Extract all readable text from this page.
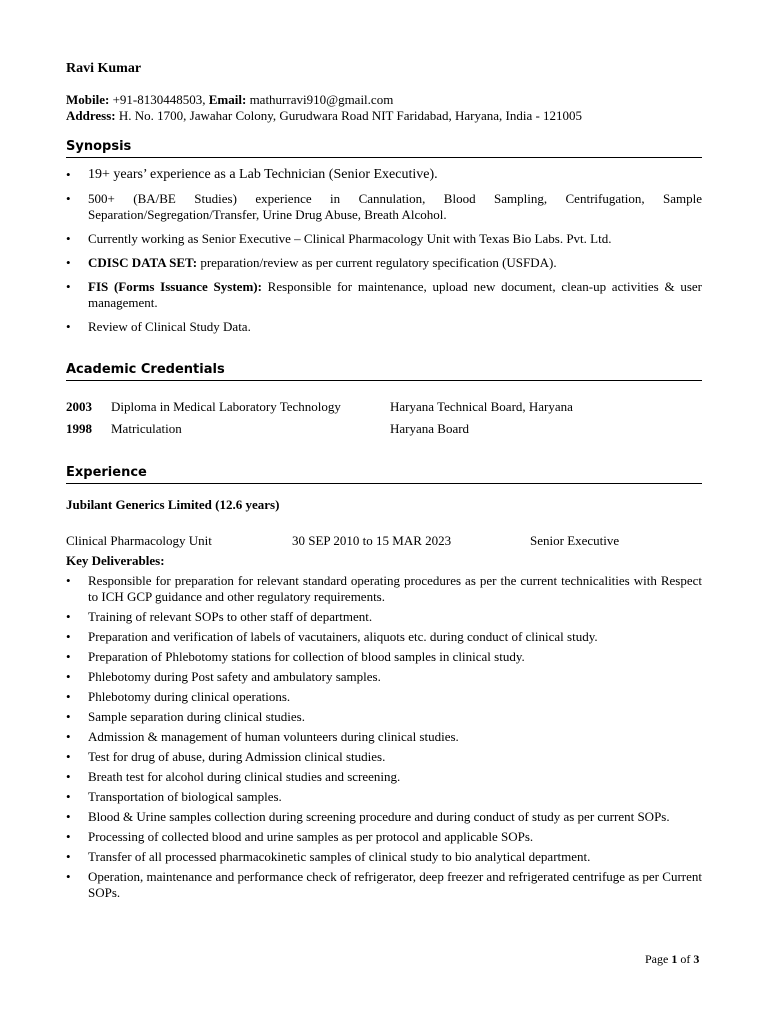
Ravi Kumar
Mobile: +91-8130448503, Email: mathurravi910@gmail.com
Address: H. No. 1700, Jawahar Colony, Gurudwara Road NIT Faridabad, Haryana, India - 121005
Synopsis
• 19+ years’ experience as a Lab Technician (Senior Executive).
• 500+ (BA/BE Studies) experience in Cannulation, Blood Sampling, Centrifugation, Sample Separation/Segregation/Transfer, Urine Drug Abuse, Breath Alcohol.
• Currently working as Senior Executive – Clinical Pharmacology Unit with Texas Bio Labs. Pvt. Ltd.
• CDISC DATA SET: preparation/review as per current regulatory specification (USFDA).
• FIS (Forms Issuance System): Responsible for maintenance, upload new document, clean-up activities & user management.
• Review of Clinical Study Data.
Academic Credentials
2003 Diploma in Medical Laboratory Technology	Haryana Technical Board, Haryana
1998 Matriculation	Haryana Board
Experience
Jubilant Generics Limited (12.6 years)
Clinical Pharmacology Unit	30 SEP 2010 to 15 MAR 2023	Senior Executive
Key Deliverables:
• Responsible for preparation for relevant standard operating procedures as per the current technicalities with Respect to ICH GCP guidance and other regulatory requirements.
• Training of relevant SOPs to other staff of department.
• Preparation and verification of labels of vacutainers, aliquots etc. during conduct of clinical study.
• Preparation of Phlebotomy stations for collection of blood samples in clinical study.
• Phlebotomy during Post safety and ambulatory samples.
• Phlebotomy during clinical operations.
• Sample separation during clinical studies.
• Admission & management of human volunteers during clinical studies.
• Test for drug of abuse, during Admission clinical studies.
• Breath test for alcohol during clinical studies and screening.
• Transportation of biological samples.
• Blood & Urine samples collection during screening procedure and during conduct of study as per current SOPs.
• Processing of collected blood and urine samples as per protocol and applicable SOPs.
• Transfer of all processed pharmacokinetic samples of clinical study to bio analytical department.
• Operation, maintenance and performance check of refrigerator, deep freezer and refrigerated centrifuge as per Current SOPs.
Page 1 of 3
